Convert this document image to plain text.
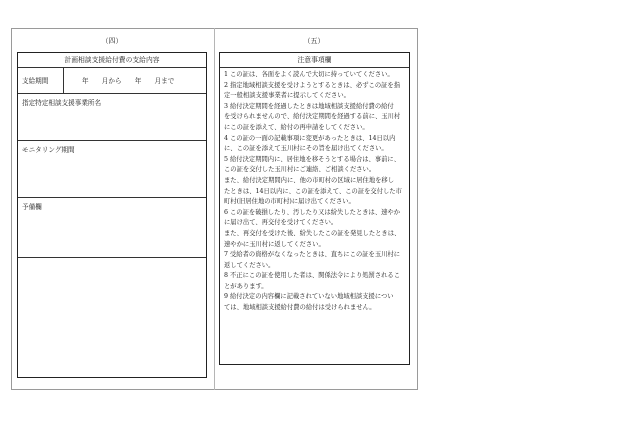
（四）	（五）
計画相談支援給付費の支給内容
支給期間	年　　月から　　年　　月まで
指定特定相談支援事業所名
モニタリング期間
予備欄
注意事項欄
1 この証は、各面をよく読んで大切に持っていてください。
2 指定地域相談支援を受けようとするときは、必ずこの証を指
定一般相談支援事業者に提示してください。
3 給付決定期間を経過したときは地域相談支援給付費の給付
を受けられませんので、給付決定期間を経過する前に、玉川村
にこの証を添えて、給付の再申請をしてください。
4 この証の一面の記載事項に変更があったときは、14日以内
に、この証を添えて玉川村にその旨を届け出てください。
5 給付決定期間内に、居住地を移そうとする場合は、事前に、
この証を交付した玉川村にご連絡、ご相談ください。
また、給付決定期間内に、他の市町村の区域に居住地を移し
たときは、14日以内に、この証を添えて、この証を交付した市
町村(旧居住地の市町村)に届け出てください。
6 この証を破損したり、汚したり又は紛失したときは、速やか
に届け出て、再交付を受けてください。
また、再交付を受けた後、紛失したこの証を発見したときは、
速やかに玉川村に返してください。
7 受給者の資格がなくなったときは、直ちにこの証を玉川村に
返してください。
8 不正にこの証を使用した者は、関係法令により処罰されるこ
とがあります。
9 給付決定の内容欄に記載されていない地域相談支援につい
ては、地域相談支援給付費の給付は受けられません。
